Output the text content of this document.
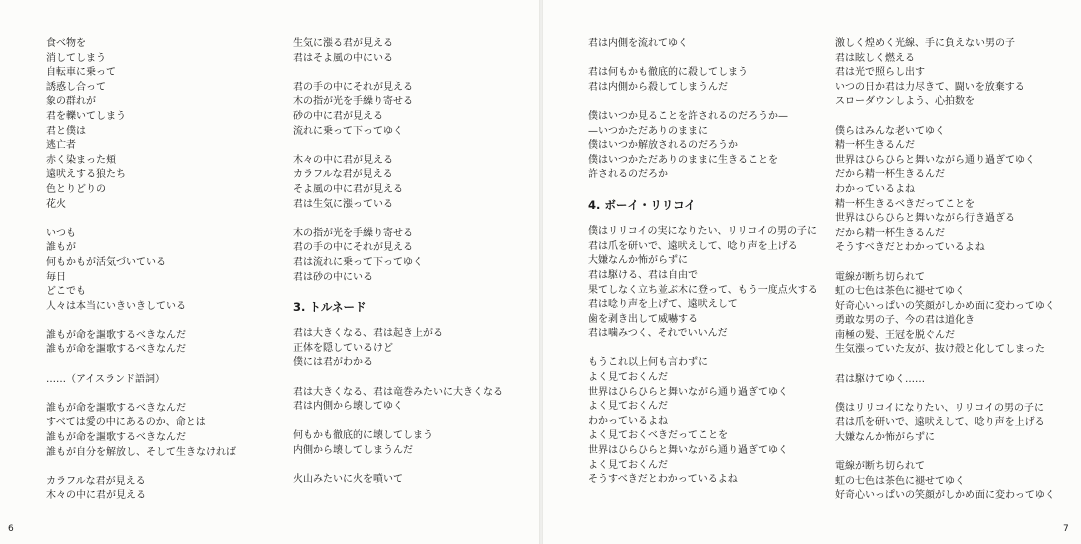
食べ物を
消してしまう
自転車に乗って
誘惑し合って
象の群れが
君を轢いてしまう
君と僕は
逃亡者
赤く染まった頬
遠吠えする狼たち
色とりどりの
花火
いつも
誰もが
何もかもが活気づいている
毎日
どこでも
人々は本当にいきいきしている
誰もが命を謳歌するべきなんだ
誰もが命を謳歌するべきなんだ
……（アイスランド語詞）
誰もが命を謳歌するべきなんだ
すべては愛の中にあるのか、命とは
誰もが命を謳歌するべきなんだ
誰もが自分を解放し、そして生きなければ
カラフルな君が見える
木々の中に君が見える
生気に漲る君が見える
君はそよ風の中にいる
君の手の中にそれが見える
木の指が光を手繰り寄せる
砂の中に君が見える
流れに乗って下ってゆく
木々の中に君が見える
カラフルな君が見える
そよ風の中に君が見える
君は生気に漲っている
木の指が光を手繰り寄せる
君の手の中にそれが見える
君は流れに乗って下ってゆく
君は砂の中にいる
3. トルネード
君は大きくなる、君は起き上がる
正体を隠しているけど
僕には君がわかる
君は大きくなる、君は竜巻みたいに大きくなる
君は内側から壊してゆく
何もかも徹底的に壊してしまう
内側から壊してしまうんだ
火山みたいに火を噴いて
君は内側を流れてゆく
君は何もかも徹底的に殺してしまう
君は内側から殺してしまうんだ
僕はいつか見ることを許されるのだろうか—
—いつかただありのままに
僕はいつか解放されるのだろうか
僕はいつかただありのままに生きることを
許されるのだろか
4. ボーイ・リリコイ
僕はリリコイの実になりたい、リリコイの男の子に
君は爪を研いで、遠吠えして、唸り声を上げる
大嫌なんか怖がらずに
君は駆ける、君は自由で
果てしなく立ち並ぶ木に登って、もう一度点火する
君は唸り声を上げて、遠吠えして
歯を剥き出して威嚇する
君は噛みつく、それでいいんだ
もうこれ以上何も言わずに
よく見ておくんだ
世界はひらひらと舞いながら通り過ぎてゆく
よく見ておくんだ
わかっているよね
よく見ておくべきだってことを
世界はひらひらと舞いながら通り過ぎてゆく
よく見ておくんだ
そうすべきだとわかっているよね
激しく煌めく光線、手に負えない男の子
君は眩しく燃える
君は光で照らし出す
いつの日か君は力尽きて、闘いを放棄する
スローダウンしよう、心拍数を
僕らはみんな老いてゆく
精一杯生きるんだ
世界はひらひらと舞いながら通り過ぎてゆく
だから精一杯生きるんだ
わかっているよね
精一杯生きるべきだってことを
世界はひらひらと舞いながら行き過ぎる
だから精一杯生きるんだ
そうすべきだとわかっているよね
電線が断ち切られて
虹の七色は茶色に褪せてゆく
好奇心いっぱいの笑顔がしかめ面に変わってゆく
勇敢な男の子、今の君は道化き
南極の髪、王冠を脱ぐんだ
生気漲っていた友が、抜け殻と化してしまった
君は駆けてゆく……
僕はリリコイになりたい、リリコイの男の子に
君は爪を研いで、遠吠えして、唸り声を上げる
大嫌なんか怖がらずに
電線が断ち切られて
虹の七色は茶色に褪せてゆく
好奇心いっぱいの笑顔がしかめ面に変わってゆく
6	7
